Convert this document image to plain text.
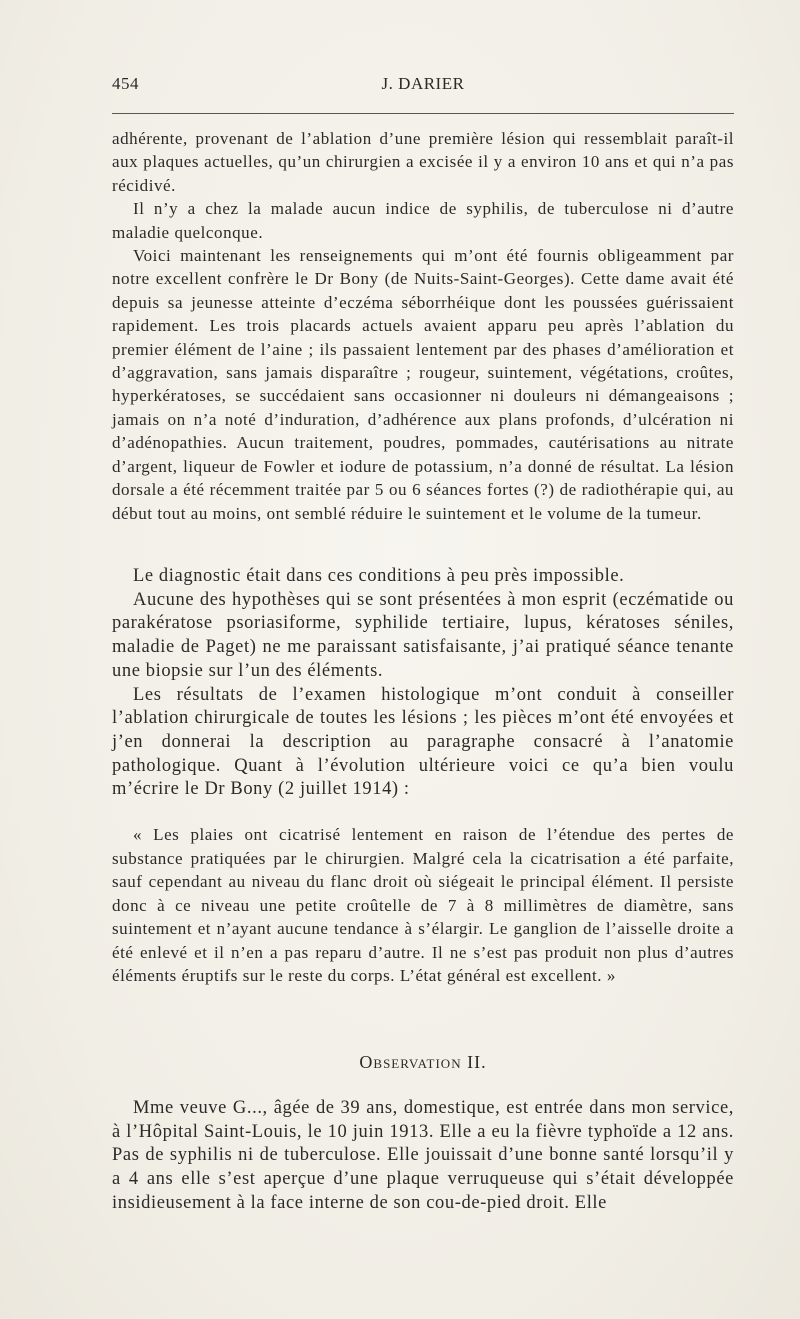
454	J. DARIER

adhérente, provenant de l’ablation d’une première lésion qui ressemblait paraît-il aux plaques actuelles, qu’un chirurgien a excisée il y a environ 10 ans et qui n’a pas récidivé.

Il n’y a chez la malade aucun indice de syphilis, de tuberculose ni d’autre maladie quelconque.

Voici maintenant les renseignements qui m’ont été fournis obligeamment par notre excellent confrère le Dr Bony (de Nuits-Saint-Georges). Cette dame avait été depuis sa jeunesse atteinte d’eczéma séborrhéique dont les poussées guérissaient rapidement. Les trois placards actuels avaient apparu peu après l’ablation du premier élément de l’aine ; ils passaient lentement par des phases d’amélioration et d’aggravation, sans jamais disparaître ; rougeur, suintement, végétations, croûtes, hyperkératoses, se succédaient sans occasionner ni douleurs ni démangeaisons ; jamais on n’a noté d’induration, d’adhérence aux plans profonds, d’ulcération ni d’adénopathies. Aucun traitement, poudres, pommades, cautérisations au nitrate d’argent, liqueur de Fowler et iodure de potassium, n’a donné de résultat. La lésion dorsale a été récemment traitée par 5 ou 6 séances fortes (?) de radiothérapie qui, au début tout au moins, ont semblé réduire le suintement et le volume de la tumeur.

Le diagnostic était dans ces conditions à peu près impossible.

Aucune des hypothèses qui se sont présentées à mon esprit (eczématide ou parakératose psoriasiforme, syphilide tertiaire, lupus, kératoses séniles, maladie de Paget) ne me paraissant satisfaisante, j’ai pratiqué séance tenante une biopsie sur l’un des éléments.

Les résultats de l’examen histologique m’ont conduit à conseiller l’ablation chirurgicale de toutes les lésions ; les pièces m’ont été envoyées et j’en donnerai la description au paragraphe consacré à l’anatomie pathologique. Quant à l’évolution ultérieure voici ce qu’a bien voulu m’écrire le Dr Bony (2 juillet 1914) :

« Les plaies ont cicatrisé lentement en raison de l’étendue des pertes de substance pratiquées par le chirurgien. Malgré cela la cicatrisation a été parfaite, sauf cependant au niveau du flanc droit où siégeait le principal élément. Il persiste donc à ce niveau une petite croûtelle de 7 à 8 millimètres de diamètre, sans suintement et n’ayant aucune tendance à s’élargir. Le ganglion de l’aisselle droite a été enlevé et il n’en a pas reparu d’autre. Il ne s’est pas produit non plus d’autres éléments éruptifs sur le reste du corps. L’état général est excellent. »

Observation II.

Mme veuve G..., âgée de 39 ans, domestique, est entrée dans mon service, à l’Hôpital Saint-Louis, le 10 juin 1913. Elle a eu la fièvre typhoïde a 12 ans. Pas de syphilis ni de tuberculose. Elle jouissait d’une bonne santé lorsqu’il y a 4 ans elle s’est aperçue d’une plaque verruqueuse qui s’était développée insidieusement à la face interne de son cou-de-pied droit. Elle
